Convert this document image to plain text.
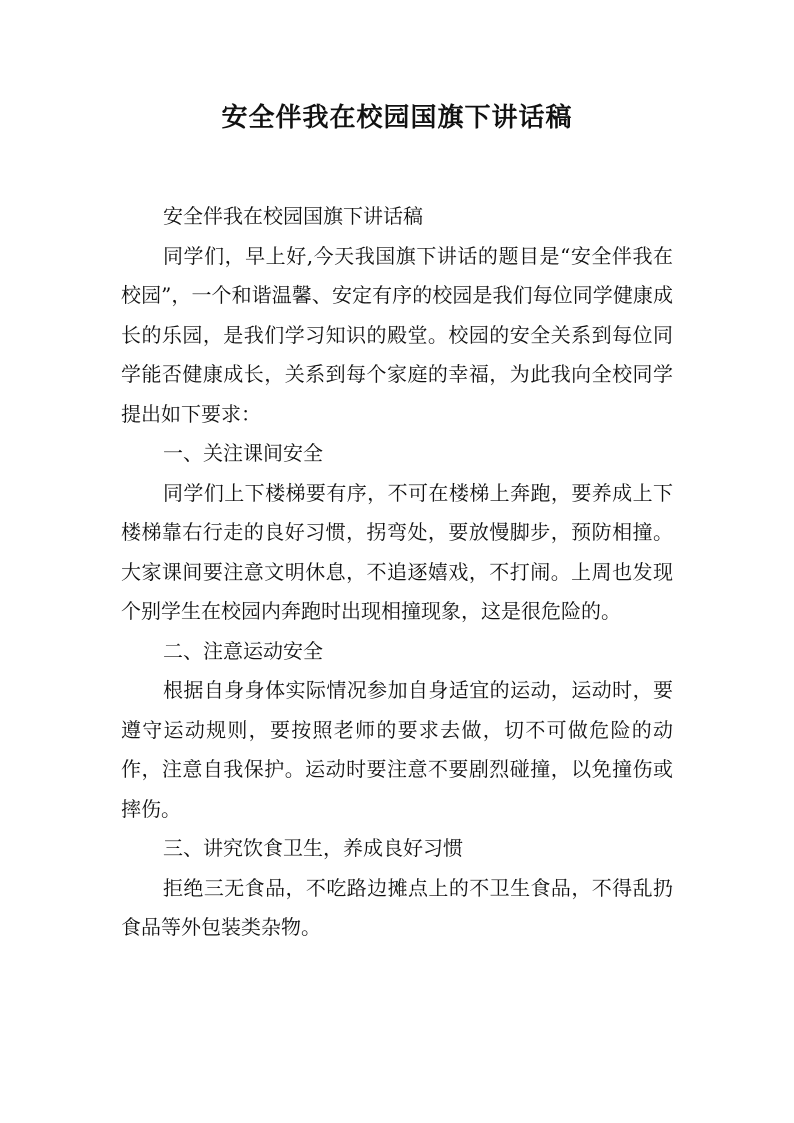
安全伴我在校园国旗下讲话稿

安全伴我在校园国旗下讲话稿

同学们，早上好,今天我国旗下讲话的题目是“安全伴我在校园”，一个和谐温馨、安定有序的校园是我们每位同学健康成长的乐园，是我们学习知识的殿堂。校园的安全关系到每位同学能否健康成长，关系到每个家庭的幸福，为此我向全校同学提出如下要求：

一、关注课间安全

同学们上下楼梯要有序，不可在楼梯上奔跑，要养成上下楼梯靠右行走的良好习惯，拐弯处，要放慢脚步，预防相撞。大家课间要注意文明休息，不追逐嬉戏，不打闹。上周也发现个别学生在校园内奔跑时出现相撞现象，这是很危险的。

二、注意运动安全

根据自身身体实际情况参加自身适宜的运动，运动时，要遵守运动规则，要按照老师的要求去做，切不可做危险的动作，注意自我保护。运动时要注意不要剧烈碰撞，以免撞伤或摔伤。

三、讲究饮食卫生，养成良好习惯

拒绝三无食品，不吃路边摊点上的不卫生食品，不得乱扔食品等外包装类杂物。
